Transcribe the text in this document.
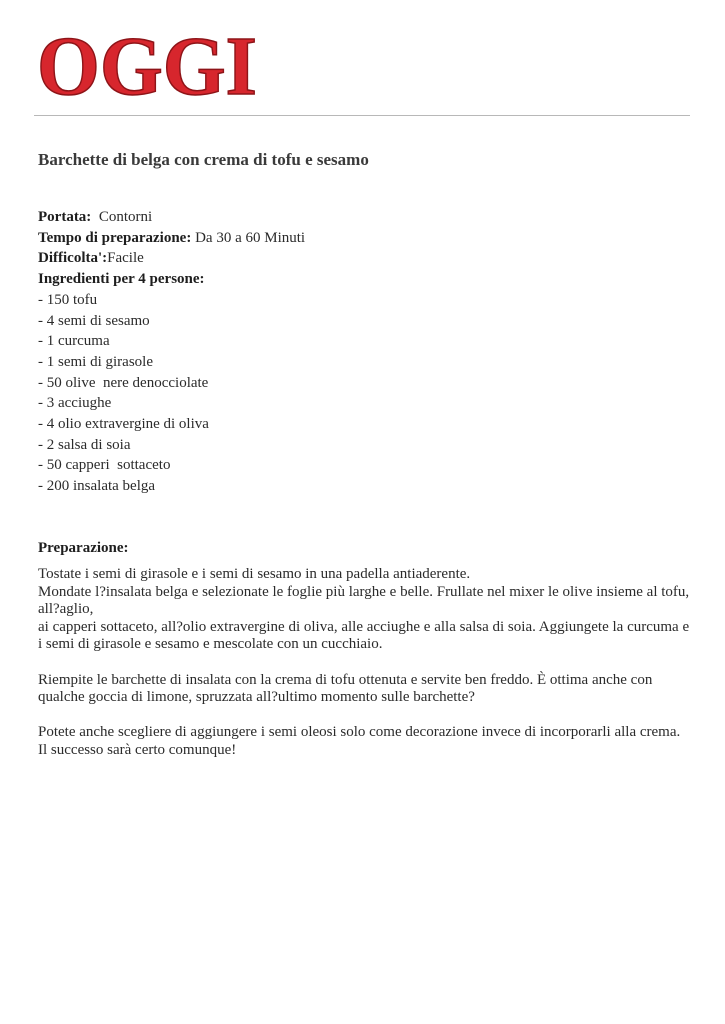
OGGI
Barchette di belga con crema di tofu e sesamo
Portata: Contorni
Tempo di preparazione: Da 30 a 60 Minuti
Difficolta':Facile
Ingredienti per 4 persone:
- 150 tofu
- 4 semi di sesamo
- 1 curcuma
- 1 semi di girasole
- 50 olive  nere denocciolate
- 3 acciughe
- 4 olio extravergine di oliva
- 2 salsa di soia
- 50 capperi  sottaceto
- 200 insalata belga
Preparazione:

Tostate i semi di girasole e i semi di sesamo in una padella antiaderente.
Mondate l?insalata belga e selezionate le foglie più larghe e belle. Frullate nel mixer le olive insieme al tofu, all?aglio,
ai capperi sottaceto, all?olio extravergine di oliva, alle acciughe e alla salsa di soia. Aggiungete la curcuma e i semi di girasole e sesamo e mescolate con un cucchiaio.

Riempite le barchette di insalata con la crema di tofu ottenuta e servite ben freddo. È ottima anche con qualche goccia di limone, spruzzata all?ultimo momento sulle barchette?

Potete anche scegliere di aggiungere i semi oleosi solo come decorazione invece di incorporarli alla crema. Il successo sarà certo comunque!
